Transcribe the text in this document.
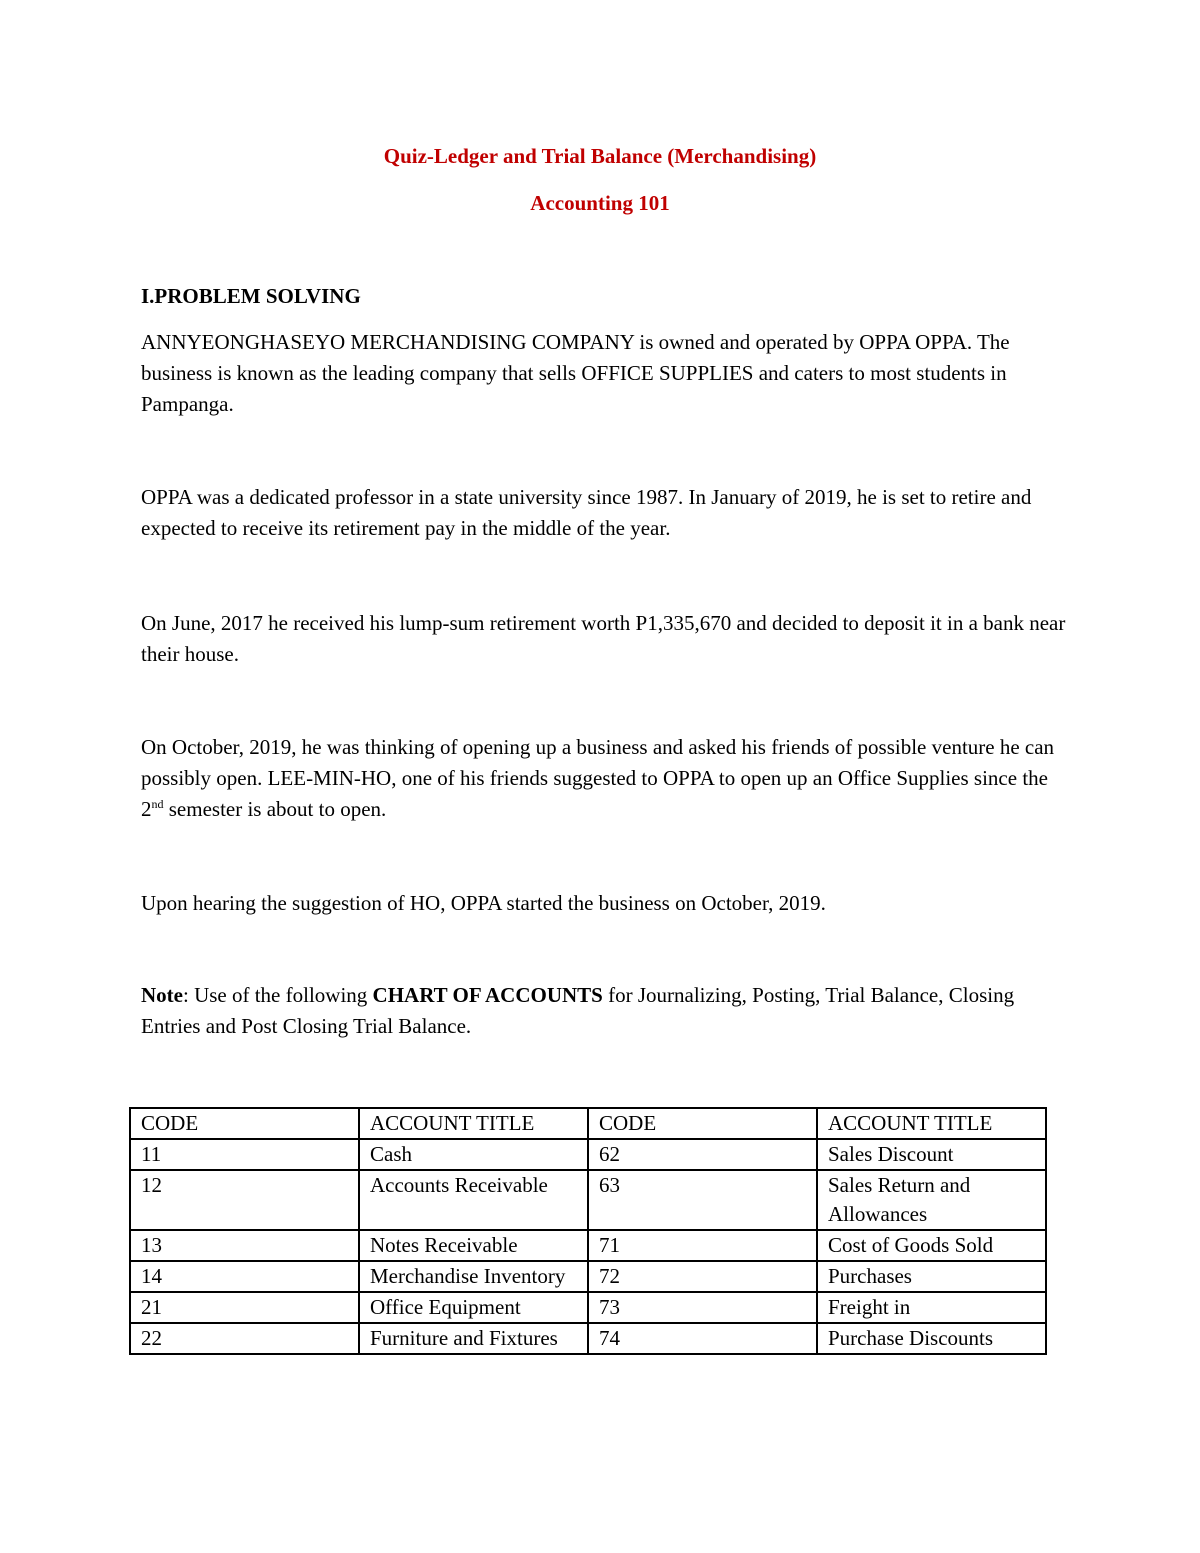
Quiz-Ledger and Trial Balance (Merchandising)
Accounting 101
I.PROBLEM SOLVING

ANNYEONGHASEYO MERCHANDISING COMPANY is owned and operated by OPPA OPPA. The business is known as the leading company that sells OFFICE SUPPLIES and caters to most students in Pampanga.

OPPA was a dedicated professor in a state university since 1987. In January of 2019, he is set to retire and expected to receive its retirement pay in the middle of the year.

On June, 2017 he received his lump-sum retirement worth P1,335,670 and decided to deposit it in a bank near their house.

On October, 2019, he was thinking of opening up a business and asked his friends of possible venture he can possibly open. LEE-MIN-HO, one of his friends suggested to OPPA to open up an Office Supplies since the 2nd semester is about to open.

Upon hearing the suggestion of HO, OPPA started the business on October, 2019.

Note: Use of the following CHART OF ACCOUNTS for Journalizing, Posting, Trial Balance, Closing Entries and Post Closing Trial Balance.

CODE	ACCOUNT TITLE	CODE	ACCOUNT TITLE
11	Cash	62	Sales Discount
12	Accounts Receivable	63	Sales Return and Allowances
13	Notes Receivable	71	Cost of Goods Sold
14	Merchandise Inventory	72	Purchases
21	Office Equipment	73	Freight in
22	Furniture and Fixtures	74	Purchase Discounts
